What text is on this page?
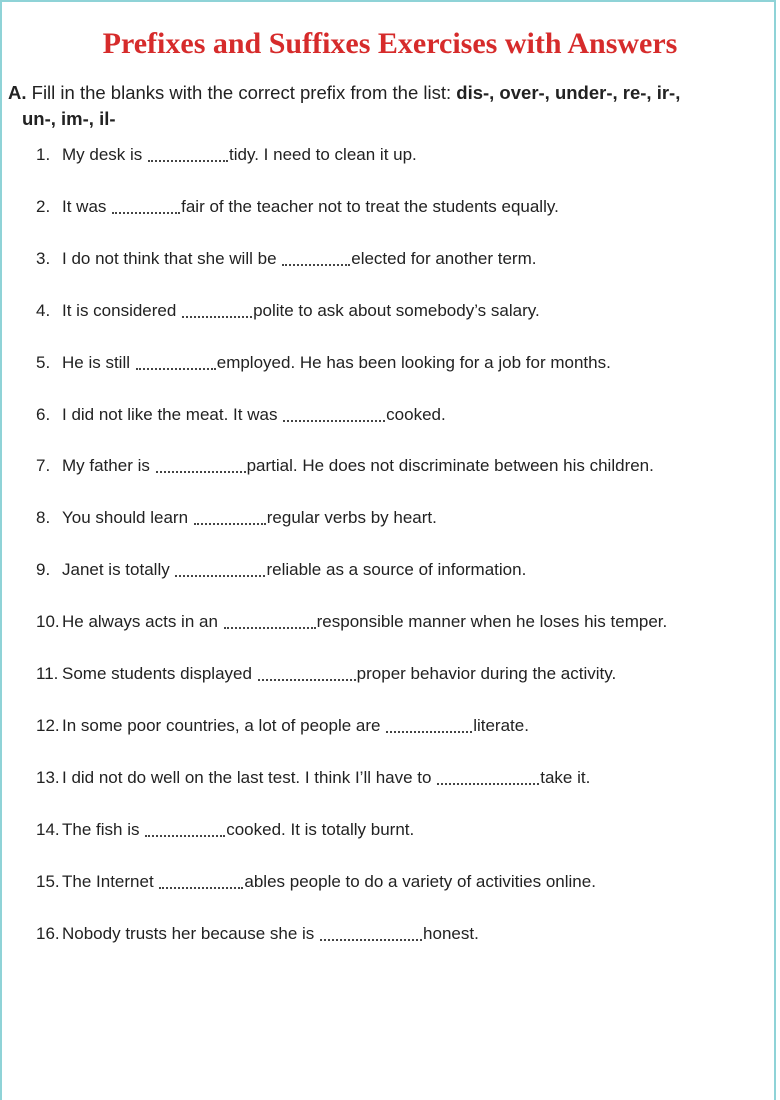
Prefixes and Suffixes Exercises with Answers
A. Fill in the blanks with the correct prefix from the list: dis-, over-, under-, re-, ir-,
un-, im-, il-
1. My desk is	tidy. I need to clean it up.
2. It was	fair of the teacher not to treat the students equally.
3. I do not think that she will be	elected for another term.
4. It is considered	polite to ask about somebody’s salary.
5. He is still	employed. He has been looking for a job for months.
6. I did not like the meat. It was	cooked.
7. My father is	partial. He does not discriminate between his children.
8. You should learn	regular verbs by heart.
9. Janet is totally	reliable as a source of information.
10. He always acts in an	responsible manner when he loses his temper.
11. Some students displayed	proper behavior during the activity.
12. In some poor countries, a lot of people are	literate.
13. I did not do well on the last test. I think I’ll have to	take it.
14. The fish is	cooked. It is totally burnt.
15. The Internet	ables people to do a variety of activities online.
16. Nobody trusts her because she is	honest.
